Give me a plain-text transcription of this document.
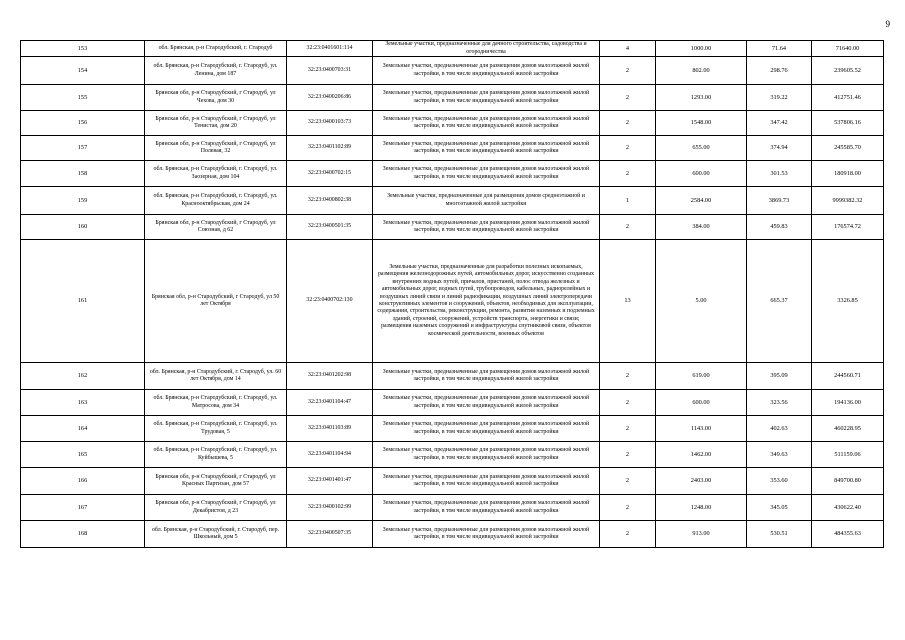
9
153	обл. Брянская, р-н Стародубский, г. Стародуб	32:23:0401601:114	Земельные участки, предназначенные для дачного строительства, садоводства и огородничества	4	1000.00	71.64	71640.00
154	обл. Брянская, р-н Стародубский, г. Стародуб, ул. Ленина, дом 187	32:23:0400703:31	Земельные участки, предназначенные для размещения домов малоэтажной жилой застройки, в том числе индивидуальной жилой застройки	2	802.00	298.76	239605.52
155	Брянская обл, р-н Стародубский, г Стародуб, ул Чехова, дом 30	32:23:0400206:86	Земельные участки, предназначенные для размещения домов малоэтажной жилой застройки, в том числе индивидуальной жилой застройки	2	1293.00	319.22	412751.46
156	Брянская обл, р-н Стародубский, г Стародуб, ул Тенистая, дом 20	32:23:0400103:73	Земельные участки, предназначенные для размещения домов малоэтажной жилой застройки, в том числе индивидуальной жилой застройки	2	1548.00	347.42	537806.16
157	Брянская обл, р-н Стародубский, г Стародуб, ул Полевая, 32	32:23:0401102:89	Земельные участки, предназначенные для размещения домов малоэтажной жилой застройки, в том числе индивидуальной жилой застройки	2	655.00	374.94	245585.70
158	обл. Брянская, р-н Стародубский, г. Стародуб, ул. Заозерная, дом 104	32:23:0400702:15	Земельные участки, предназначенные для размещения домов малоэтажной жилой застройки, в том числе индивидуальной жилой застройки	2	600.00	301.53	180918.00
159	обл. Брянская, р-н Стародубский, г. Стародуб, ул. Краснооктябрьская, дом 24	32:23:0400802:38	Земельные участки, предназначенные для размещения домов среднеэтажной и многоэтажной жилой застройки	1	2584.00	3869.73	9999382.32
160	Брянская обл, р-н Стародубский, г Стародуб, ул Союзная, д 62	32:23:0400501:35	Земельные участки, предназначенные для размещения домов малоэтажной жилой застройки, в том числе индивидуальной жилой застройки	2	384.00	459.83	176574.72
161	Брянская обл, р-н Стародубский, г Стародуб, ул 50 лет Октября	32:23:0400702:130	Земельные участки, предназначенные для разработки полезных ископаемых, размещения железнодорожных путей, автомобильных дорог, искусственно созданных внутренних водных путей, причалов, пристаней, полос отвода железных и автомобильных дорог, водных путей, трубопроводов, кабельных, радиорелейных и воздушных линий связи и линий радиофикации, воздушных линий электропередачи конструктивных элементов и сооружений, объектов, необходимых для эксплуатации, содержания, строительства, реконструкции, ремонта, развития наземных и подземных зданий, строений, сооружений, устройств транспорта, энергетики и связи; размещения наземных сооружений и инфраструктуры спутниковой связи, объектов космической деятельности, военных объектов	13	5.00	665.37	3326.85
162	обл. Брянская, р-н Стародубский, г. Стародуб, ул. 60 лет Октября, дом 14	32:23:0401202:98	Земельные участки, предназначенные для размещения домов малоэтажной жилой застройки, в том числе индивидуальной жилой застройки	2	619.00	395.09	244560.71
163	обл. Брянская, р-н Стародубский, г. Стародуб, ул. Матросова, дом 34	32:23:0401104:47	Земельные участки, предназначенные для размещения домов малоэтажной жилой застройки, в том числе индивидуальной жилой застройки	2	600.00	323.56	194136.00
164	обл. Брянская, р-н Стародубский, г. Стародуб, ул. Трудовая, 5	32:23:0401103:89	Земельные участки, предназначенные для размещения домов малоэтажной жилой застройки, в том числе индивидуальной жилой застройки	2	1143.00	402.63	460228.95
165	обл. Брянская, р-н Стародубский, г. Стародуб, ул. Куйбышева, 5	32:23:0401104:94	Земельные участки, предназначенные для размещения домов малоэтажной жилой застройки, в том числе индивидуальной жилой застройки	2	1462.00	349.63	511159.06
166	Брянская обл, р-н Стародубский, г Стародуб, ул Красных Партизан, дом 57	32:23:0401401:47	Земельные участки, предназначенные для размещения домов малоэтажной жилой застройки, в том числе индивидуальной жилой застройки	2	2403.00	353.60	849700.80
167	Брянская обл, р-н Стародубский, г Стародуб, ул Декабристов, д 23	32:23:0400102:99	Земельные участки, предназначенные для размещения домов малоэтажной жилой застройки, в том числе индивидуальной жилой застройки	2	1248.00	345.05	430622.40
168	обл. Брянская, р-н Стародубский, г. Стародуб, пер. Школьный, дом 5	32:23:0400507:35	Земельные участки, предназначенные для размещения домов малоэтажной жилой застройки, в том числе индивидуальной жилой застройки	2	913.00	530.51	484355.63
